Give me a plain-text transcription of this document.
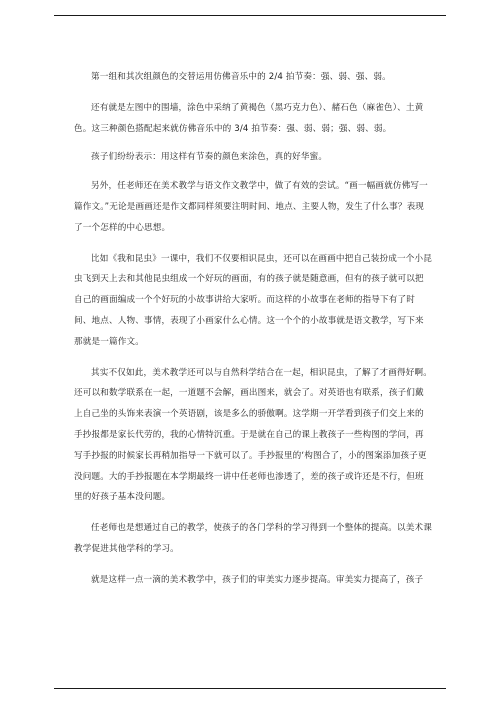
第一组和其次组颜色的交替运用仿佛音乐中的 2/4 拍节奏：强、弱、强、弱。

还有就是左图中的围墙，涂色中采纳了黄褐色（黑巧克力色）、赭石色（麻雀色）、土黄色。这三种颜色搭配起来就仿佛音乐中的 3/4 拍节奏：强、弱、弱；强、弱、弱。

孩子们纷纷表示：用这样有节奏的颜色来涂色，真的好华蜜。

另外，任老师还在美术教学与语文作文教学中，做了有效的尝试。“画一幅画就仿佛写一篇作文。”无论是画画还是作文都同样须要注明时间、地点、主要人物，发生了什么事？表现了一个怎样的中心思想。

比如《我和昆虫》一课中，我们不仅要相识昆虫，还可以在画画中把自己装扮成一个小昆虫飞到天上去和其他昆虫组成一个好玩的画面，有的孩子就是随意画，但有的孩子就可以把自己的画面编成一个个好玩的小故事讲给大家听。而这样的小故事在老师的指导下有了时间、地点、人物、事情，表现了小画家什么心情。这一个个的小故事就是语文教学，写下来那就是一篇作文。

其实不仅如此，美术教学还可以与自然科学结合在一起，相识昆虫，了解了才画得好啊。还可以和数学联系在一起，一道题不会解，画出图来，就会了。对英语也有联系，孩子们戴上自己坐的头饰来表演一个英语剧，该是多么的骄傲啊。这学期一开学看到孩子们交上来的手抄报都是家长代劳的，我的心情特沉重。于是就在自己的课上教孩子一些构图的学问，再写手抄报的时候家长再稍加指导一下就可以了。手抄报里的‘构图合了，小的图案添加孩子更没问题。大的手抄报题在本学期最终一讲中任老师也渗透了，差的孩子或许还是不行，但班里的好孩子基本没问题。

任老师也是想通过自己的教学，使孩子的各门学科的学习得到一个整体的提高。以美术课教学促进其他学科的学习。

就是这样一点一滴的美术教学中，孩子们的审美实力逐步提高。审美实力提高了，孩子
